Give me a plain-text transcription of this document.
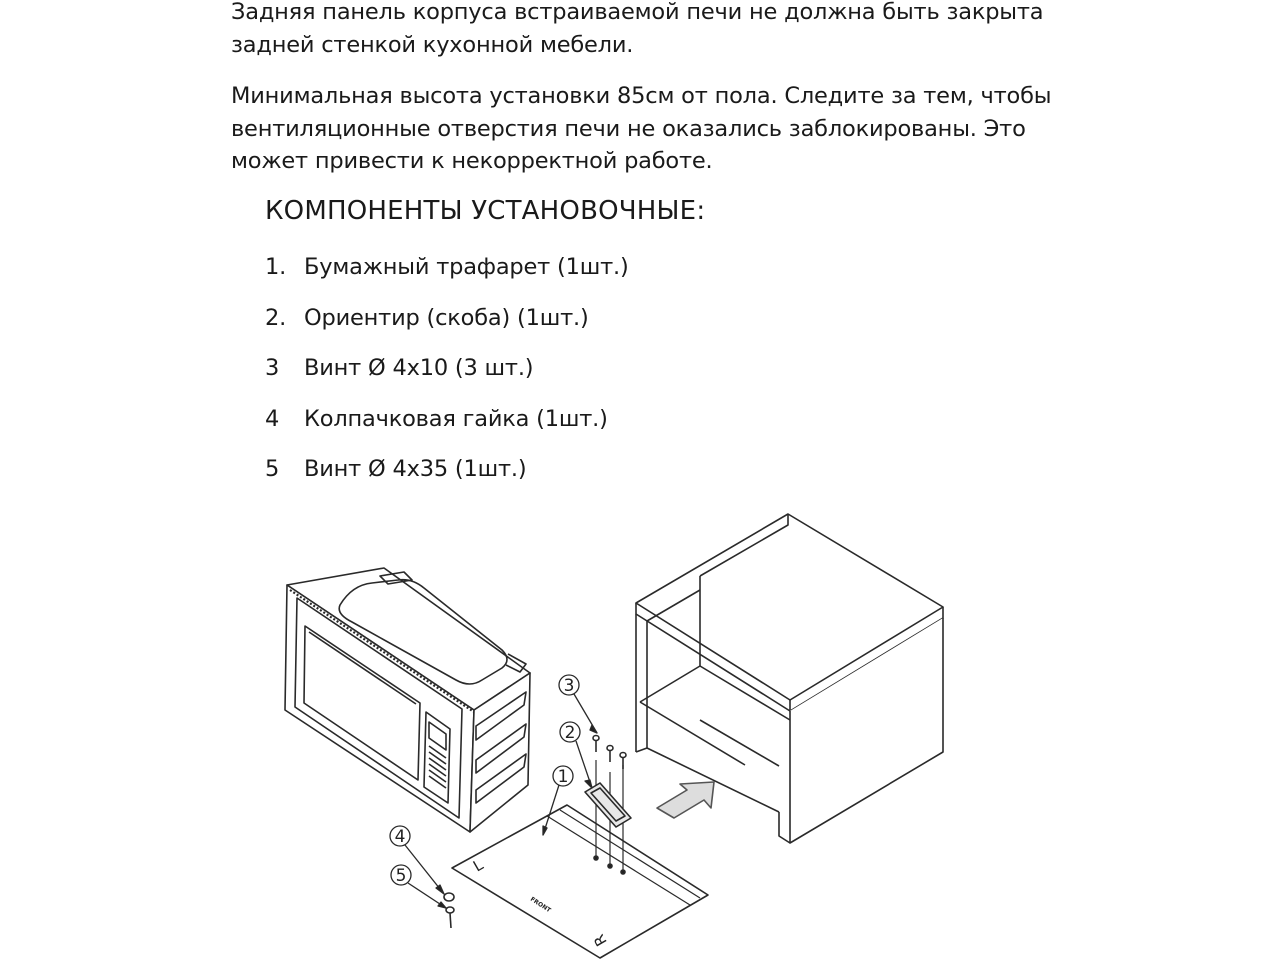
Задняя панель корпуса встраиваемой печи не должна быть закрыта
задней стенкой кухонной мебели.

Минимальная высота установки 85см от пола. Следите за тем, чтобы
вентиляционные отверстия печи не оказались заблокированы. Это
может привести к некорректной работе.

КОМПОНЕНТЫ УСТАНОВОЧНЫЕ:
1. Бумажный трафарет (1шт.)
2. Ориентир (скоба) (1шт.)
3 Винт Ø 4x10 (3 шт.)
4 Колпачковая гайка (1шт.)
5 Винт Ø 4x35 (1шт.)
3
2
1
4
5
L
FRONT
R
